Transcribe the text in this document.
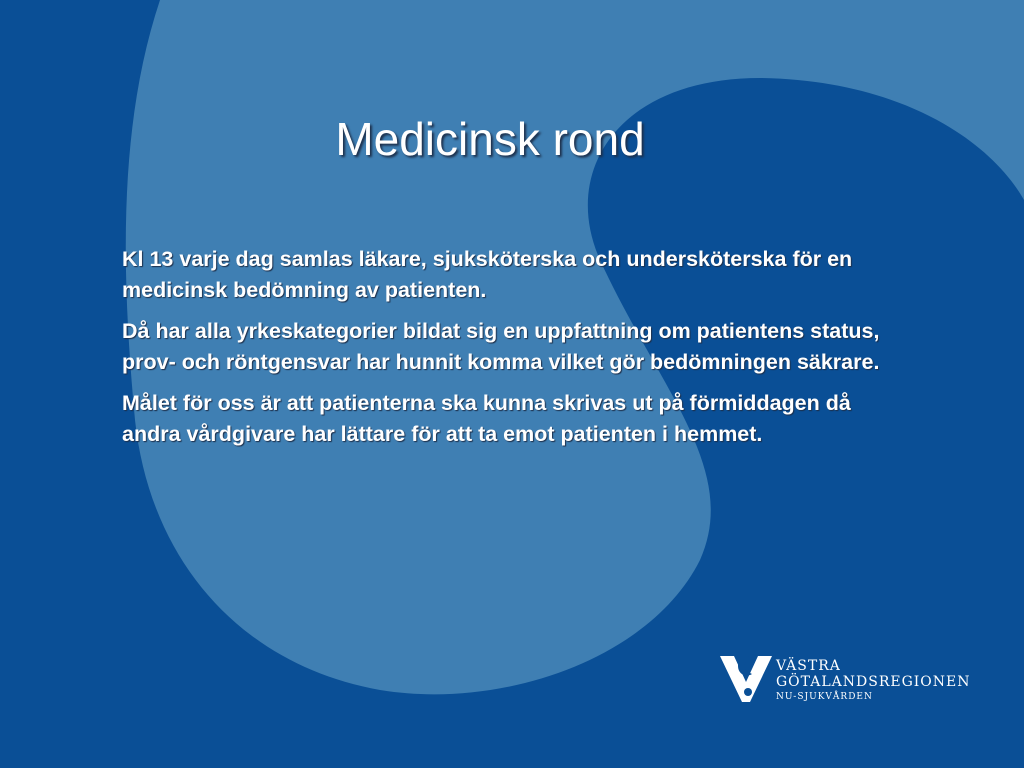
Medicinsk rond

Kl 13 varje dag samlas läkare, sjuksköterska och undersköterska för en medicinsk bedömning av patienten.

Då har alla yrkeskategorier bildat sig en uppfattning om patientens status, prov- och röntgensvar har hunnit komma vilket gör bedömningen säkrare.

Målet för oss är att patienterna ska kunna skrivas ut på förmiddagen då andra vårdgivare har lättare för att ta emot patienten i hemmet.

VÄSTRA
GÖTALANDSREGIONEN
NU-SJUKVÅRDEN
